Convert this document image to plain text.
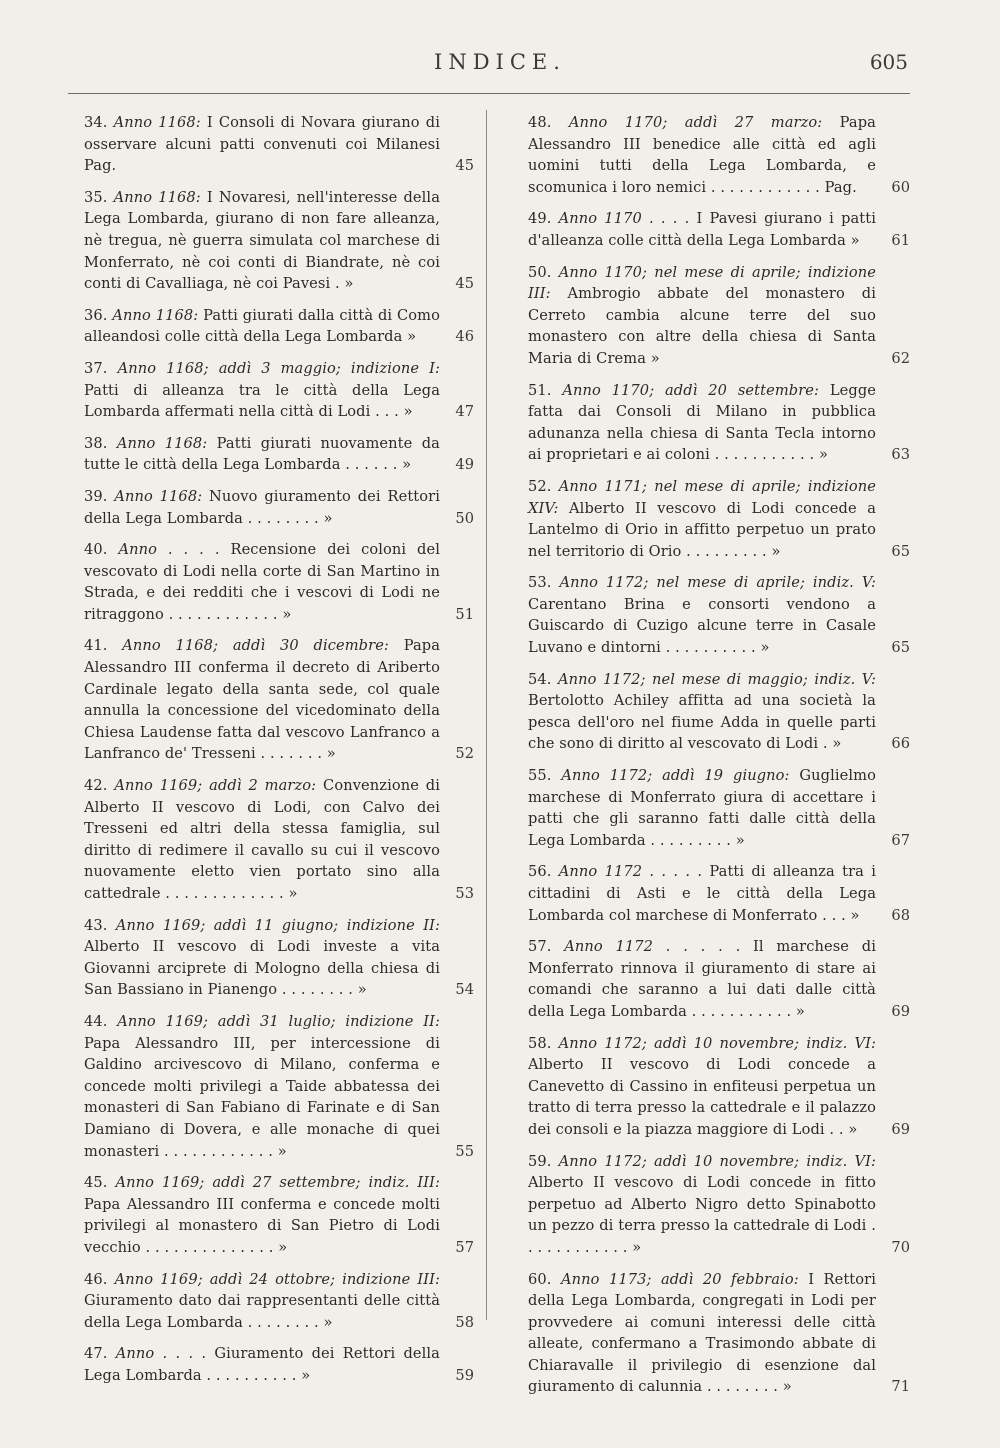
INDICE.	605
34. Anno 1168: I Consoli di Novara giurano di osservare alcuni patti convenuti coi Milanesi Pag.	45
35. Anno 1168: I Novaresi, nell'interesse della Lega Lombarda, giurano di non fare alleanza, nè tregua, nè guerra simulata col marchese di Monferrato, nè coi conti di Biandrate, nè coi conti di Cavalliaga, nè coi Pavesi . »	45
36. Anno 1168: Patti giurati dalla città di Como alleandosi colle città della Lega Lombarda »	46
37. Anno 1168; addì 3 maggio; indizione I: Patti di alleanza tra le città della Lega Lombarda affermati nella città di Lodi . . . »	47
38. Anno 1168: Patti giurati nuovamente da tutte le città della Lega Lombarda . . . . . . »	49
39. Anno 1168: Nuovo giuramento dei Rettori della Lega Lombarda . . . . . . . . »	50
40. Anno . . . . Recensione dei coloni del vescovato di Lodi nella corte di San Martino in Strada, e dei redditi che i vescovi di Lodi ne ritraggono . . . . . . . . . . . . »	51
41. Anno 1168; addì 30 dicembre: Papa Alessandro III conferma il decreto di Ariberto Cardinale legato della santa sede, col quale annulla la concessione del vicedominato della Chiesa Laudense fatta dal vescovo Lanfranco a Lanfranco de' Tresseni . . . . . . . »	52
42. Anno 1169; addì 2 marzo: Convenzione di Alberto II vescovo di Lodi, con Calvo dei Tresseni ed altri della stessa famiglia, sul diritto di redimere il cavallo su cui il vescovo nuovamente eletto vien portato sino alla cattedrale . . . . . . . . . . . . . »	53
43. Anno 1169; addì 11 giugno; indizione II: Alberto II vescovo di Lodi investe a vita Giovanni arciprete di Mologno della chiesa di San Bassiano in Pianengo . . . . . . . . »	54
44. Anno 1169; addì 31 luglio; indizione II: Papa Alessandro III, per intercessione di Galdino arcivescovo di Milano, conferma e concede molti privilegi a Taide abbatessa dei monasteri di San Fabiano di Farinate e di San Damiano di Dovera, e alle monache di quei monasteri . . . . . . . . . . . . »	55
45. Anno 1169; addì 27 settembre; indiz. III: Papa Alessandro III conferma e concede molti privilegi al monastero di San Pietro di Lodi vecchio . . . . . . . . . . . . . . »	57
46. Anno 1169; addì 24 ottobre; indizione III: Giuramento dato dai rappresentanti delle città della Lega Lombarda . . . . . . . . »	58
47. Anno . . . . Giuramento dei Rettori della Lega Lombarda . . . . . . . . . . »	59
48. Anno 1170; addì 27 marzo: Papa Alessandro III benedice alle città ed agli uomini tutti della Lega Lombarda, e scomunica i loro nemici . . . . . . . . . . . . Pag.	60
49. Anno 1170 . . . . I Pavesi giurano i patti d'alleanza colle città della Lega Lombarda »	61
50. Anno 1170; nel mese di aprile; indizione III: Ambrogio abbate del monastero di Cerreto cambia alcune terre del suo monastero con altre della chiesa di Santa Maria di Crema »	62
51. Anno 1170; addì 20 settembre: Legge fatta dai Consoli di Milano in pubblica adunanza nella chiesa di Santa Tecla intorno ai proprietari e ai coloni . . . . . . . . . . . »	63
52. Anno 1171; nel mese di aprile; indizione XIV: Alberto II vescovo di Lodi concede a Lantelmo di Orio in affitto perpetuo un prato nel territorio di Orio . . . . . . . . . »	65
53. Anno 1172; nel mese di aprile; indiz. V: Carentano Brina e consorti vendono a Guiscardo di Cuzigo alcune terre in Casale Luvano e dintorni . . . . . . . . . . »	65
54. Anno 1172; nel mese di maggio; indiz. V: Bertolotto Achiley affitta ad una società la pesca dell'oro nel fiume Adda in quelle parti che sono di diritto al vescovato di Lodi . »	66
55. Anno 1172; addì 19 giugno: Guglielmo marchese di Monferrato giura di accettare i patti che gli saranno fatti dalle città della Lega Lombarda . . . . . . . . . »	67
56. Anno 1172 . . . . . Patti di alleanza tra i cittadini di Asti e le città della Lega Lombarda col marchese di Monferrato . . . »	68
57. Anno 1172 . . . . . Il marchese di Monferrato rinnova il giuramento di stare ai comandi che saranno a lui dati dalle città della Lega Lombarda . . . . . . . . . . . »	69
58. Anno 1172; addì 10 novembre; indiz. VI: Alberto II vescovo di Lodi concede a Canevetto di Cassino in enfiteusi perpetua un tratto di terra presso la cattedrale e il palazzo dei consoli e la piazza maggiore di Lodi . . »	69
59. Anno 1172; addì 10 novembre; indiz. VI: Alberto II vescovo di Lodi concede in fitto perpetuo ad Alberto Nigro detto Spinabotto un pezzo di terra presso la cattedrale di Lodi . . . . . . . . . . . . »	70
60. Anno 1173; addì 20 febbraio: I Rettori della Lega Lombarda, congregati in Lodi per provvedere ai comuni interessi delle città alleate, confermano a Trasimondo abbate di Chiaravalle il privilegio di esenzione dal giuramento di calunnia . . . . . . . . »	71
